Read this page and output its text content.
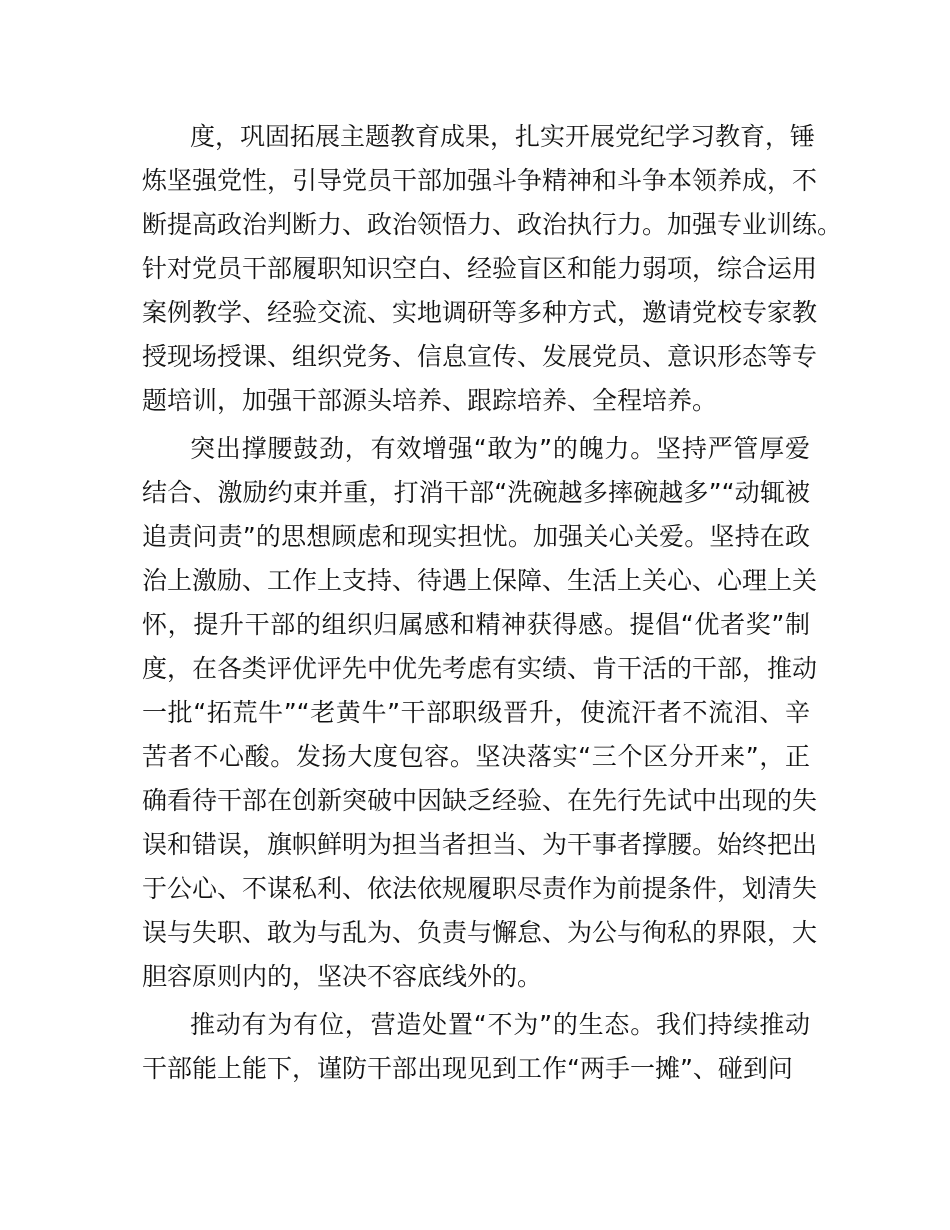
度，巩固拓展主题教育成果，扎实开展党纪学习教育，锤
炼坚强党性，引导党员干部加强斗争精神和斗争本领养成，不
断提高政治判断力、政治领悟力、政治执行力。加强专业训练。
针对党员干部履职知识空白、经验盲区和能力弱项，综合运用
案例教学、经验交流、实地调研等多种方式，邀请党校专家教
授现场授课、组织党务、信息宣传、发展党员、意识形态等专
题培训，加强干部源头培养、跟踪培养、全程培养。
突出撑腰鼓劲，有效增强“敢为”的魄力。坚持严管厚爱
结合、激励约束并重，打消干部“洗碗越多摔碗越多”“动辄被
追责问责”的思想顾虑和现实担忧。加强关心关爱。坚持在政
治上激励、工作上支持、待遇上保障、生活上关心、心理上关
怀，提升干部的组织归属感和精神获得感。提倡“优者奖”制
度，在各类评优评先中优先考虑有实绩、肯干活的干部，推动
一批“拓荒牛”“老黄牛”干部职级晋升，使流汗者不流泪、辛
苦者不心酸。发扬大度包容。坚决落实“三个区分开来”，正
确看待干部在创新突破中因缺乏经验、在先行先试中出现的失
误和错误，旗帜鲜明为担当者担当、为干事者撑腰。始终把出
于公心、不谋私利、依法依规履职尽责作为前提条件，划清失
误与失职、敢为与乱为、负责与懈怠、为公与徇私的界限，大
胆容原则内的，坚决不容底线外的。
推动有为有位，营造处置“不为”的生态。我们持续推动
干部能上能下，谨防干部出现见到工作“两手一摊”、碰到问
